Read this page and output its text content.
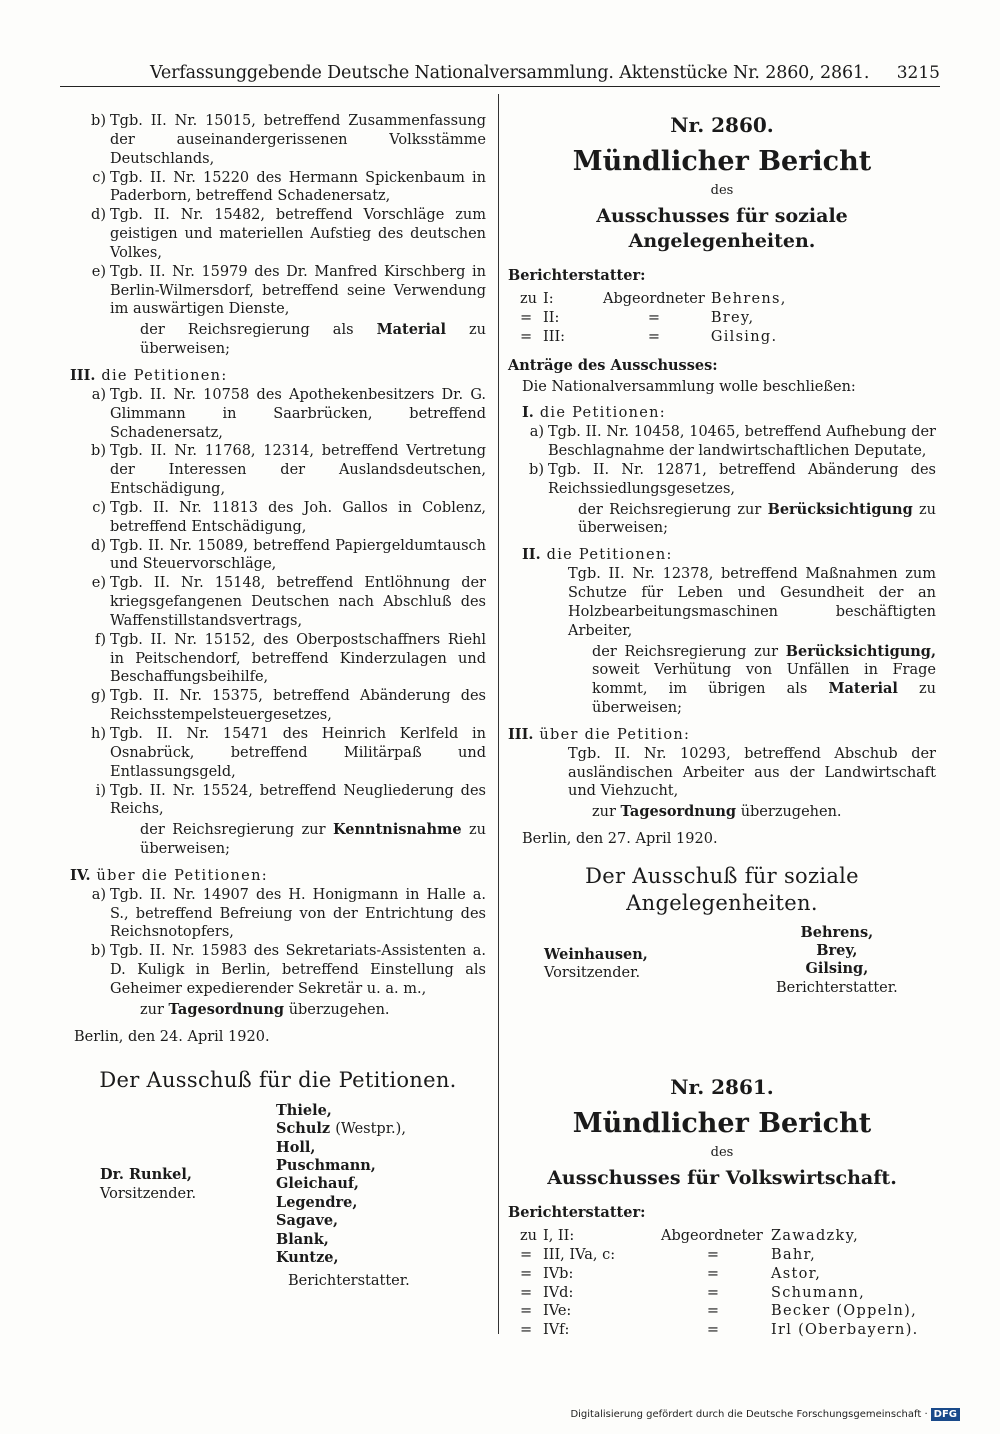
Verfassunggebende Deutsche Nationalversammlung. Aktenstücke Nr. 2860, 2861. 3215
b) Tgb. II. Nr. 15015, betreffend Zusammenfassung der auseinandergerissenen Volksstämme Deutschlands,

c) Tgb. II. Nr. 15220 des Hermann Spickenbaum in Paderborn, betreffend Schadenersatz,

d) Tgb. II. Nr. 15482, betreffend Vorschläge zum geistigen und materiellen Aufstieg des deutschen Volkes,

e) Tgb. II. Nr. 15979 des Dr. Manfred Kirschberg in Berlin-Wilmersdorf, betreffend seine Verwendung im auswärtigen Dienste,

der Reichsregierung als Material zu überweisen;

III. die Petitionen:
a) Tgb. II. Nr. 10758 des Apothekenbesitzers Dr. G. Glimmann in Saarbrücken, betreffend Schadenersatz,

b) Tgb. II. Nr. 11768, 12314, betreffend Vertretung der Interessen der Auslandsdeutschen, Entschädigung,

c) Tgb. II. Nr. 11813 des Joh. Gallos in Coblenz, betreffend Entschädigung,

d) Tgb. II. Nr. 15089, betreffend Papiergeldumtausch und Steuervorschläge,

e) Tgb. II. Nr. 15148, betreffend Entlöhnung der kriegsgefangenen Deutschen nach Abschluß des Waffenstillstandsvertrags,

f) Tgb. II. Nr. 15152, des Oberpostschaffners Riehl in Peitschendorf, betreffend Kinderzulagen und Beschaffungsbeihilfe,

g) Tgb. II. Nr. 15375, betreffend Abänderung des Reichsstempelsteuergesetzes,

h) Tgb. II. Nr. 15471 des Heinrich Kerlfeld in Osnabrück, betreffend Militärpaß und Entlassungsgeld,

i) Tgb. II. Nr. 15524, betreffend Neugliederung des Reichs,

der Reichsregierung zur Kenntnisnahme zu überweisen;

IV. über die Petitionen:
a) Tgb. II. Nr. 14907 des H. Honigmann in Halle a. S., betreffend Befreiung von der Entrichtung des Reichsnotopfers,

b) Tgb. II. Nr. 15983 des Sekretariats-Assistenten a. D. Kuligk in Berlin, betreffend Einstellung als Geheimer expedierender Sekretär u. a. m.,

zur Tagesordnung überzugehen.

Berlin, den 24. April 1920.

Der Ausschuß für die Petitionen.

Dr. Runkel,
Vorsitzender.
Thiele,
Schulz (Westpr.),
Holl,
Puschmann,
Gleichauf,
Legendre,
Sagave,
Blank,
Kuntze,
Berichterstatter.

Nr. 2860.

Mündlicher Bericht

des

Ausschusses für soziale Angelegenheiten.

Berichterstatter:

zu	I:	Abgeordneter	Behrens,
=	II:	=	Brey,
=	III:	=	Gilsing.

Anträge des Ausschusses:

Die Nationalversammlung wolle beschließen:

I. die Petitionen:
a) Tgb. II. Nr. 10458, 10465, betreffend Aufhebung der Beschlagnahme der landwirtschaftlichen Deputate,

b) Tgb. II. Nr. 12871, betreffend Abänderung des Reichssiedlungsgesetzes,

der Reichsregierung zur Berücksichtigung zu überweisen;

II. die Petitionen:

Tgb. II. Nr. 12378, betreffend Maßnahmen zum Schutze für Leben und Gesundheit der an Holzbearbeitungsmaschinen beschäftigten Arbeiter,

der Reichsregierung zur Berücksichtigung, soweit Verhütung von Unfällen in Frage kommt, im übrigen als Material zu überweisen;

III. über die Petition:

Tgb. II. Nr. 10293, betreffend Abschub der ausländischen Arbeiter aus der Landwirtschaft und Viehzucht,

zur Tagesordnung überzugehen.

Berlin, den 27. April 1920.

Der Ausschuß für soziale Angelegenheiten.

Weinhausen,
Vorsitzender.
Behrens,
Brey,
Gilsing,
Berichterstatter.

Nr. 2861.

Mündlicher Bericht

des

Ausschusses für Volkswirtschaft.

Berichterstatter:

zu	I, II:	Abgeordneter	Zawadzky,
=	III, IVa, c:	=	Bahr,
=	IVb:	=	Astor,
=	IVd:	=	Schumann,
=	IVe:	=	Becker (Oppeln),
=	IVf:	=	Irl (Oberbayern).
Digitalisierung gefördert durch die Deutsche Forschungsgemeinschaft · DFG
